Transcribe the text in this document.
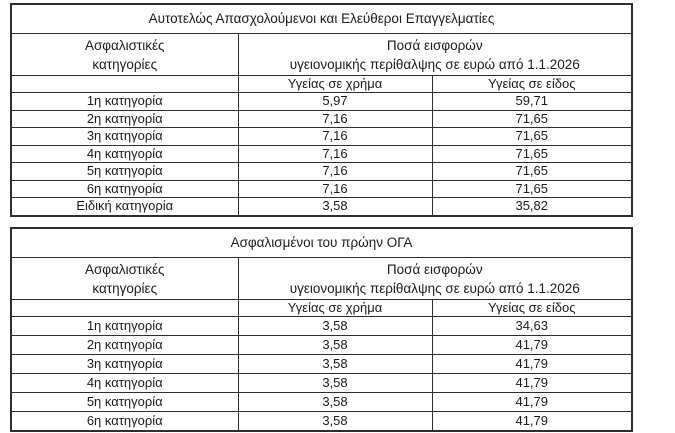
Αυτοτελώς Απασχολούμενοι και Ελεύθεροι Επαγγελματίες		

Ασφαλιστικές
κατηγορίες

Ποσά εισφορών
υγειονομικής περίθαλψης σε ευρώ από 1.1.2026

	Υγείας σε χρήμα	Υγείας σε είδος
1η κατηγορία	5,97	59,71
2η κατηγορία	7,16	71,65
3η κατηγορία	7,16	71,65
4η κατηγορία	7,16	71,65
5η κατηγορία	7,16	71,65
6η κατηγορία	7,16	71,65
Ειδική κατηγορία	3,58	35,82
Ασφαλισμένοι του πρώην ΟΓΑ		

Ασφαλιστικές
κατηγορίες

Ποσά εισφορών
υγειονομικής περίθαλψης σε ευρώ από 1.1.2026

	Υγείας σε χρήμα	Υγείας σε είδος
1η κατηγορία	3,58	34,63
2η κατηγορία	3,58	41,79
3η κατηγορία	3,58	41,79
4η κατηγορία	3,58	41,79
5η κατηγορία	3,58	41,79
6η κατηγορία	3,58	41,79
